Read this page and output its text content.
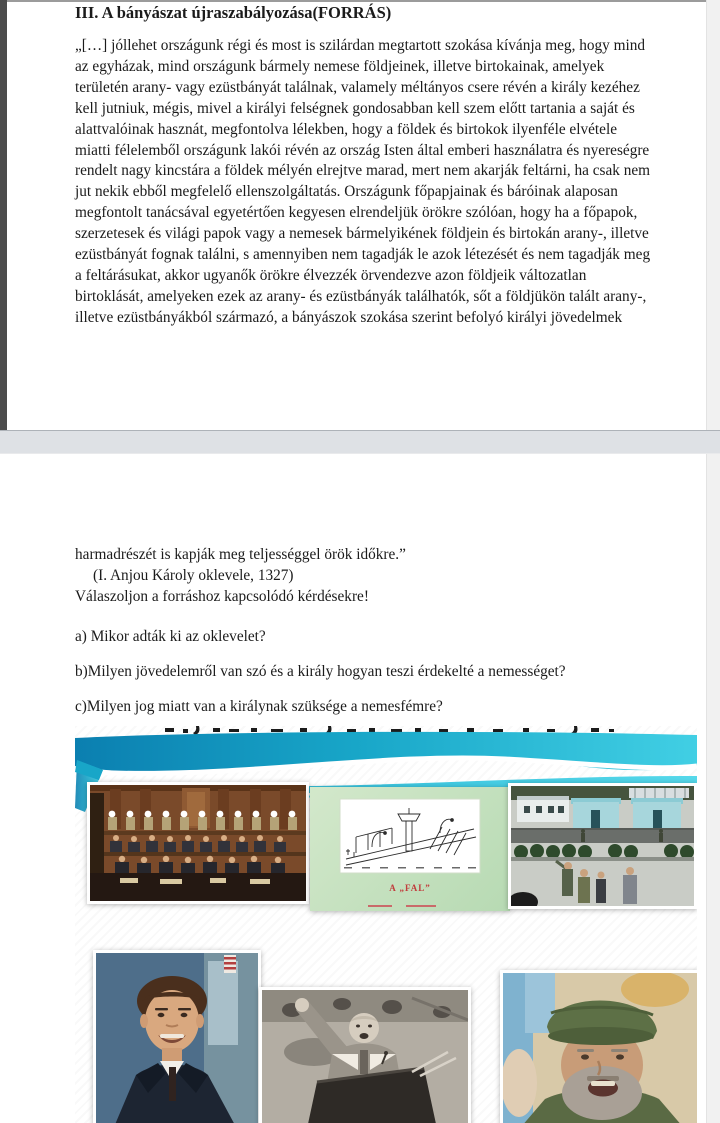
III. A bányászat újraszabályozása(FORRÁS)
„[…] jóllehet országunk régi és most is szilárdan megtartott szokása kívánja meg, hogy mind
az egyházak, mind országunk bármely nemese földjeinek, illetve birtokainak, amelyek
területén arany- vagy ezüstbányát találnak, valamely méltányos csere révén a király kezéhez
kell jutniuk, mégis, mivel a királyi felségnek gondosabban kell szem előtt tartania a saját és
alattvalóinak hasznát, megfontolva lélekben, hogy a földek és birtokok ilyenféle elvétele
miatti félelemből országunk lakói révén az ország Isten által emberi használatra és nyereségre
rendelt nagy kincstára a földek mélyén elrejtve marad, mert nem akarják feltárni, ha csak nem
jut nekik ebből megfelelő ellenszolgáltatás. Országunk főpapjainak és báróinak alaposan
megfontolt tanácsával egyetértően kegyesen elrendeljük örökre szólóan, hogy ha a főpapok,
szerzetesek és világi papok vagy a nemesek bármelyikének földjein és birtokán arany-, illetve
ezüstbányát fognak találni, s amennyiben nem tagadják le azok létezését és nem tagadják meg
a feltárásukat, akkor ugyanők örökre élvezzék örvendezve azon földjeik változatlan
birtoklását, amelyeken ezek az arany- és ezüstbányák találhatók, sőt a földjükön talált arany-,
illetve ezüstbányákból származó, a bányászok szokása szerint befolyó királyi jövedelmek
harmadrészét is kapják meg teljességgel örök időkre.”
(I. Anjou Károly oklevele, 1327)
Válaszoljon a forráshoz kapcsolódó kérdésekre!
a) Mikor adták ki az oklevelet?
b)Milyen jövedelemről van szó és a király hogyan teszi érdekelté a nemességet?
c)Milyen jog miatt van a királynak szüksége a nemesfémre?
A „FAL”
